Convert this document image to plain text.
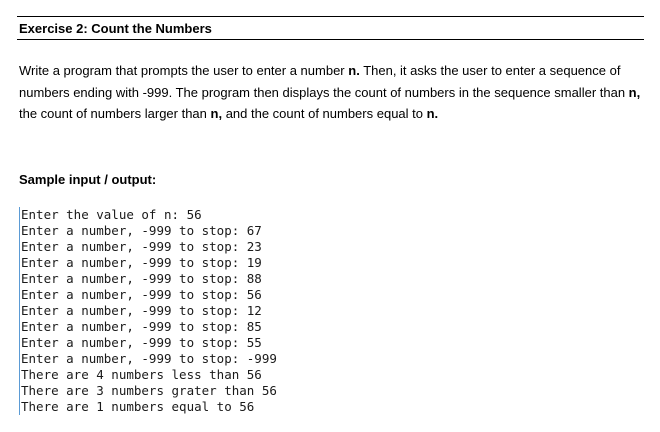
Exercise 2: Count the Numbers
Write a program that prompts the user to enter a number n. Then, it asks the user to enter a sequence of numbers ending with -999. The program then displays the count of numbers in the sequence smaller than n, the count of numbers larger than n, and the count of numbers equal to n.
Sample input / output:
Enter the value of n: 56
Enter a number, -999 to stop: 67
Enter a number, -999 to stop: 23
Enter a number, -999 to stop: 19
Enter a number, -999 to stop: 88
Enter a number, -999 to stop: 56
Enter a number, -999 to stop: 12
Enter a number, -999 to stop: 85
Enter a number, -999 to stop: 55
Enter a number, -999 to stop: -999
There are 4 numbers less than 56
There are 3 numbers grater than 56
There are 1 numbers equal to 56
